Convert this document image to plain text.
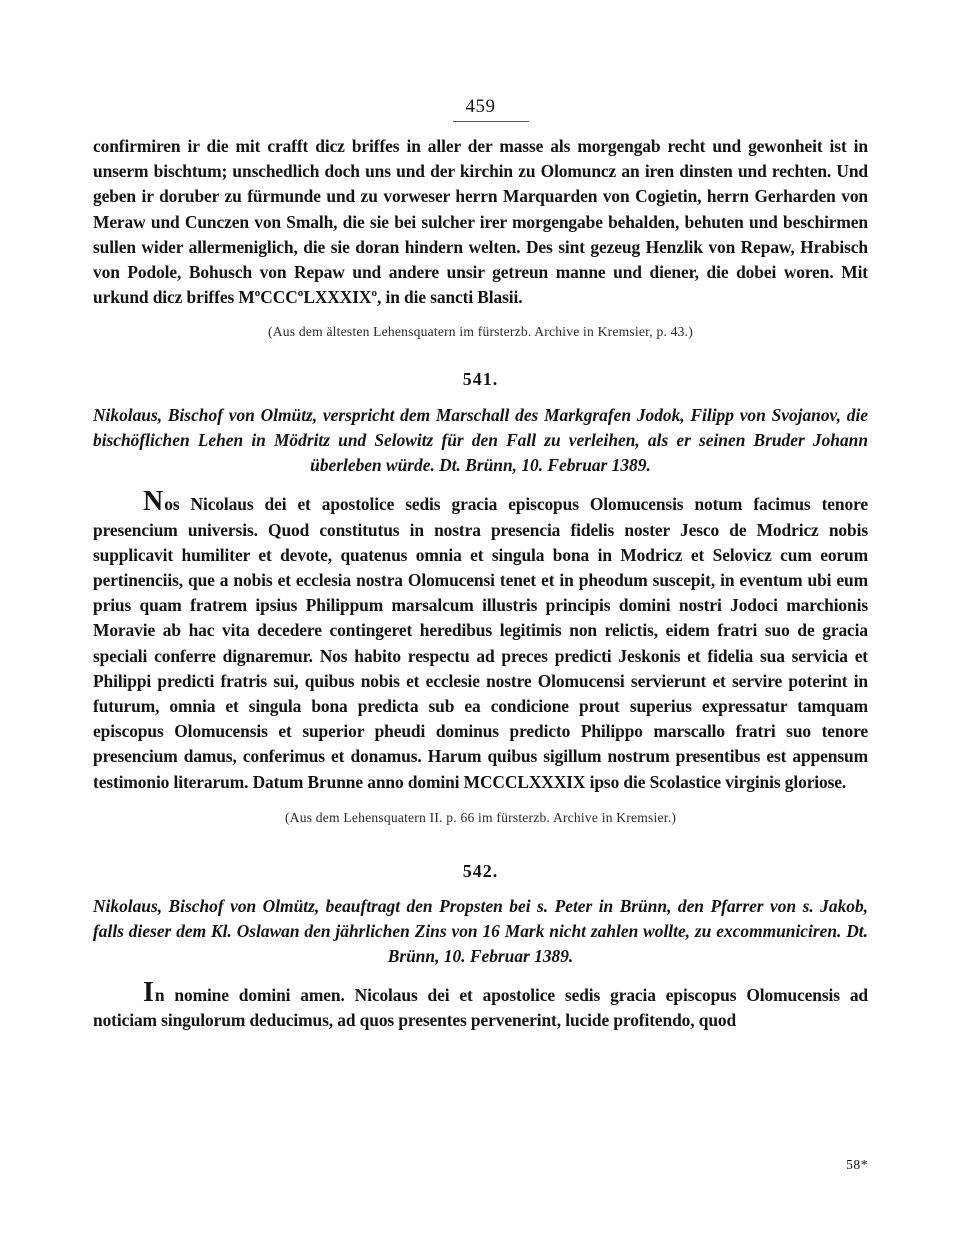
459

confirmiren ir die mit crafft dicz briffes in aller der masse als morgengab recht und gewonheit ist in unserm bischtum; unschedlich doch uns und der kirchin zu Olomuncz an iren dinsten und rechten. Und geben ir doruber zu fürmunde und zu vorweser herrn Marquarden von Cogietin, herrn Gerharden von Meraw und Cunczen von Smalh, die sie bei sulcher irer morgengabe behalden, behuten und beschirmen sullen wider allermeniglich, die sie doran hindern welten. Des sint gezeug Henzlik von Repaw, Hrabisch von Podole, Bohusch von Repaw und andere unsir getreun manne und diener, die dobei woren. Mit urkund dicz briffes MºCCCºLXXXIXº, in die sancti Blasii.

(Aus dem ältesten Lehensquatern im fürsterzb. Archive in Kremsier, p. 43.)

541.

Nikolaus, Bischof von Olmütz, verspricht dem Marschall des Markgrafen Jodok, Filipp von Svojanov, die bischöflichen Lehen in Mödritz und Selowitz für den Fall zu verleihen, als er seinen Bruder Johann überleben würde. Dt. Brünn, 10. Februar 1389.

Nos Nicolaus dei et apostolice sedis gracia episcopus Olomucensis notum facimus tenore presencium universis. Quod constitutus in nostra presencia fidelis noster Jesco de Modricz nobis supplicavit humiliter et devote, quatenus omnia et singula bona in Modricz et Selovicz cum eorum pertinenciis, que a nobis et ecclesia nostra Olomucensi tenet et in pheodum suscepit, in eventum ubi eum prius quam fratrem ipsius Philippum marsalcum illustris principis domini nostri Jodoci marchionis Moravie ab hac vita decedere contingeret heredibus legitimis non relictis, eidem fratri suo de gracia speciali conferre dignaremur. Nos habito respectu ad preces predicti Jeskonis et fidelia sua servicia et Philippi predicti fratris sui, quibus nobis et ecclesie nostre Olomucensi servierunt et servire poterint in futurum, omnia et singula bona predicta sub ea condicione prout superius expressatur tamquam episcopus Olomucensis et superior pheudi dominus predicto Philippo marscallo fratri suo tenore presencium damus, conferimus et donamus. Harum quibus sigillum nostrum presentibus est appensum testimonio literarum. Datum Brunne anno domini MCCCLXXXIX ipso die Scolastice virginis gloriose.

(Aus dem Lehensquatern II. p. 66 im fürsterzb. Archive in Kremsier.)

542.

Nikolaus, Bischof von Olmütz, beauftragt den Propsten bei s. Peter in Brünn, den Pfarrer von s. Jakob, falls dieser dem Kl. Oslawan den jährlichen Zins von 16 Mark nicht zahlen wollte, zu excommuniciren. Dt. Brünn, 10. Februar 1389.

In nomine domini amen. Nicolaus dei et apostolice sedis gracia episcopus Olomucensis ad noticiam singulorum deducimus, ad quos presentes pervenerint, lucide profitendo, quod

58*
